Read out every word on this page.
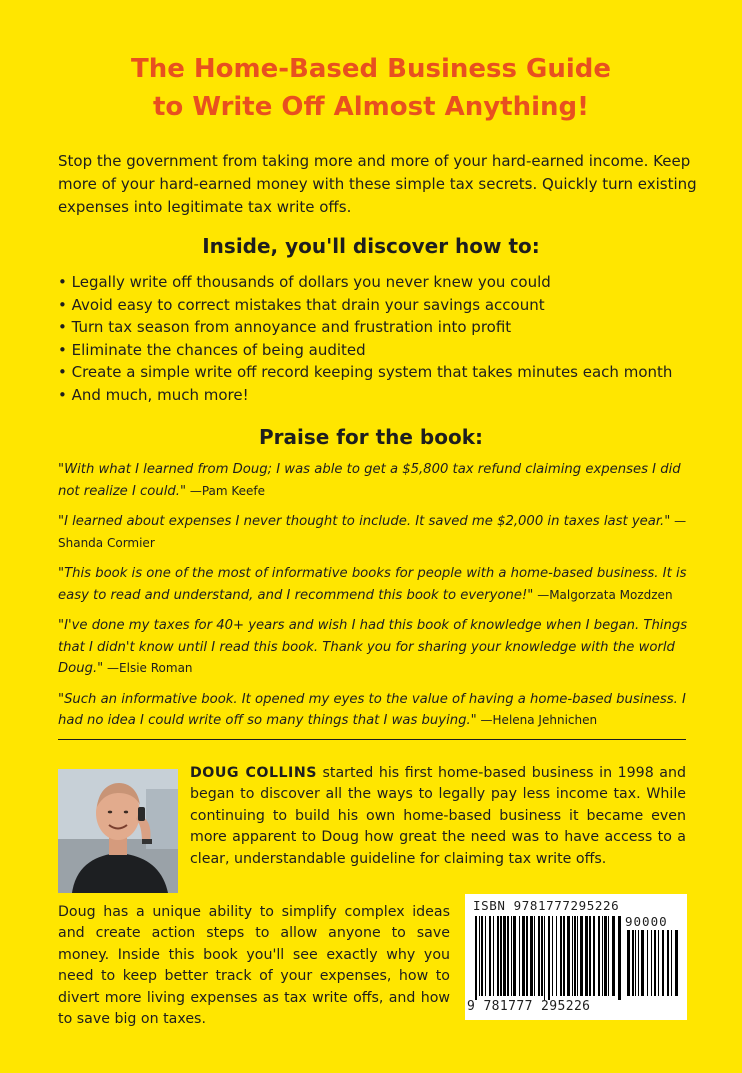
The Home-Based Business Guide
to Write Off Almost Anything!

Stop the government from taking more and more of your hard-earned income. Keep more of your hard-earned money with these simple tax secrets. Quickly turn existing expenses into legitimate tax write offs.

Inside, you'll discover how to:
• Legally write off thousands of dollars you never knew you could
• Avoid easy to correct mistakes that drain your savings account
• Turn tax season from annoyance and frustration into profit
• Eliminate the chances of being audited
• Create a simple write off record keeping system that takes minutes each month
• And much, much more!
Praise for the book:

"With what I learned from Doug; I was able to get a $5,800 tax refund claiming expenses I did not realize I could." —Pam Keefe

"I learned about expenses I never thought to include. It saved me $2,000 in taxes last year." —Shanda Cormier

"This book is one of the most of informative books for people with a home-based business. It is easy to read and understand, and I recommend this book to everyone!" —Malgorzata Mozdzen

"I've done my taxes for 40+ years and wish I had this book of knowledge when I began. Things that I didn't know until I read this book. Thank you for sharing your knowledge with the world Doug." —Elsie Roman

"Such an informative book. It opened my eyes to the value of having a home-based business. I had no idea I could write off so many things that I was buying." —Helena Jehnichen

DOUG COLLINS started his first home-based business in 1998 and began to discover all the ways to legally pay less income tax. While continuing to build his own home-based business it became even more apparent to Doug how great the need was to have access to a clear, understandable guideline for claiming tax write offs.

Doug has a unique ability to simplify complex ideas and create action steps to allow anyone to save money. Inside this book you'll see exactly why you need to keep better track of your expenses, how to divert more living expenses as tax write offs, and how to save big on taxes.

ISBN 9781777295226
90000
9 781777 295226
